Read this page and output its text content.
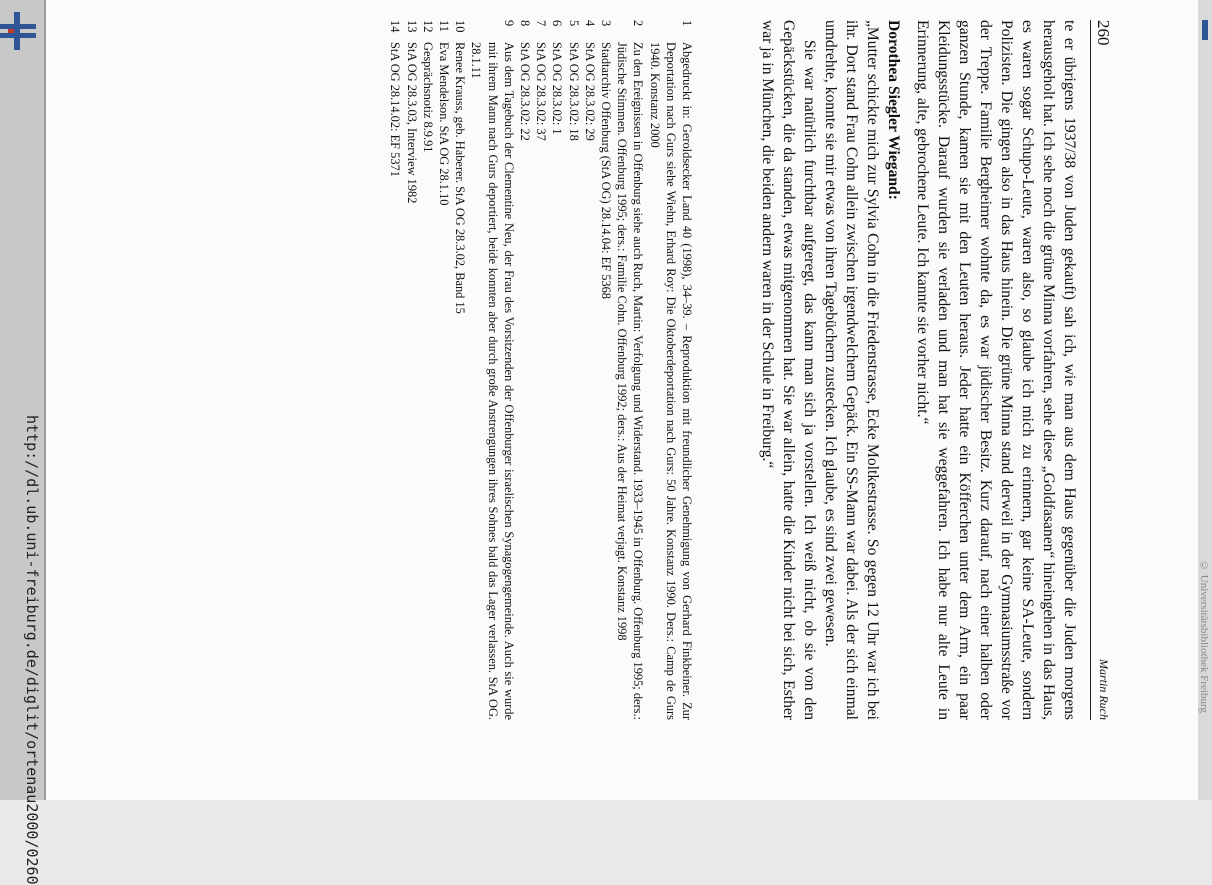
http://dl.ub.uni-freiburg.de/diglit/ortenau2000/0260	© Universitätsbibliothek Freiburg
260
Martin Ruch

te er übrigens 1937/38 von Juden gekauft) sah ich, wie man aus dem Haus gegenüber die Juden morgens herausgeholt hat. Ich sehe noch die grüne Minna vorfahren, sehe diese „Goldfasanen“ hineingehen in das Haus, es waren sogar Schupo-Leute, waren also, so glaube ich mich zu erinnern, gar keine SA-Leute, sondern Polizisten. Die gingen also in das Haus hinein. Die grüne Minna stand derweil in der Gymnasiumsstraße vor der Treppe. Familie Bergheimer wohnte da, es war jüdischer Besitz. Kurz darauf, nach einer halben oder ganzen Stunde, kamen sie mit den Leuten heraus. Jeder hatte ein Köfferchen unter dem Arm, ein paar Kleidungsstücke. Darauf wurden sie verladen und man hat sie weggefahren. Ich habe nur alte Leute in Erinnerung, alte, gebrochene Leute. Ich kannte sie vorher nicht.“

Dorothea Siegler Wiegand:

„Mutter schickte mich zur Sylvia Cohn in die Friedenstrasse, Ecke Moltkestrasse. So gegen 12 Uhr war ich bei ihr. Dort stand Frau Cohn allein zwischen irgendwelchem Gepäck. Ein SS-Mann war dabei. Als der sich einmal umdrehte, konnte sie mir etwas von ihren Tagebüchern zustecken. Ich glaube, es sind zwei gewesen.

Sie war natürlich furchtbar aufgeregt, das kann man sich ja vorstellen. Ich weiß nicht, ob sie von den Gepäckstücken, die da standen, etwas mitgenommen hat. Sie war allein, hatte die Kinder nicht bei sich, Esther war ja in München, die beiden andern waren in der Schule in Freiburg.“

1
Abgedruckt in: Geroldsecker Land 40 (1998), 34–39. – Reproduktion mit freundlicher Genehmigung von Gerhard Finkbeiner. Zur Deportation nach Gurs siehe Wiehn, Erhard Roy: Die Oktoberdeportation nach Gurs: 50 Jahre. Konstanz 1990. Ders.: Camp de Gurs 1940. Konstanz 2000
2
Zu den Ereignissen in Offenburg siehe auch Ruch, Martin: Verfolgung und Widerstand. 1933–1945 in Offenburg. Offenburg 1995; ders.: Jüdische Stimmen. Offenburg 1995; ders.: Familie Cohn. Offenburg 1992; ders.: Aus der Heimat verjagt. Konstanz 1998
3
Stadtarchiv Offenburg (StA OG) 28.14.04: EF 5368
4
StA OG 28.3.02: 29
5
StA OG 28.3.02: 18
6
StA OG 28.3.02: 1
7
StA OG 28.3.02: 37
8
StA OG 28.3.02: 22
9
Aus dem Tagebuch der Clementine Neu, der Frau des Vorsitzenden der Offenburger israelischen Synagogengemeinde. Auch sie wurde mit ihrem Mann nach Gurs deportiert, beide konnten aber durch große Anstrengungen ihres Sohnes bald das Lager verlassen. StA OG. 28.1.11
10
Renee Krauss, geb. Haberer. StA OG 28.3.02, Band 15
11
Eva Mendelson. StA OG 28.1.10
12
Gesprächsnotiz 8.9.91
13
StA OG 28.3.03, Interview 1982
14
StA OG 28.14.02: EF 5371
